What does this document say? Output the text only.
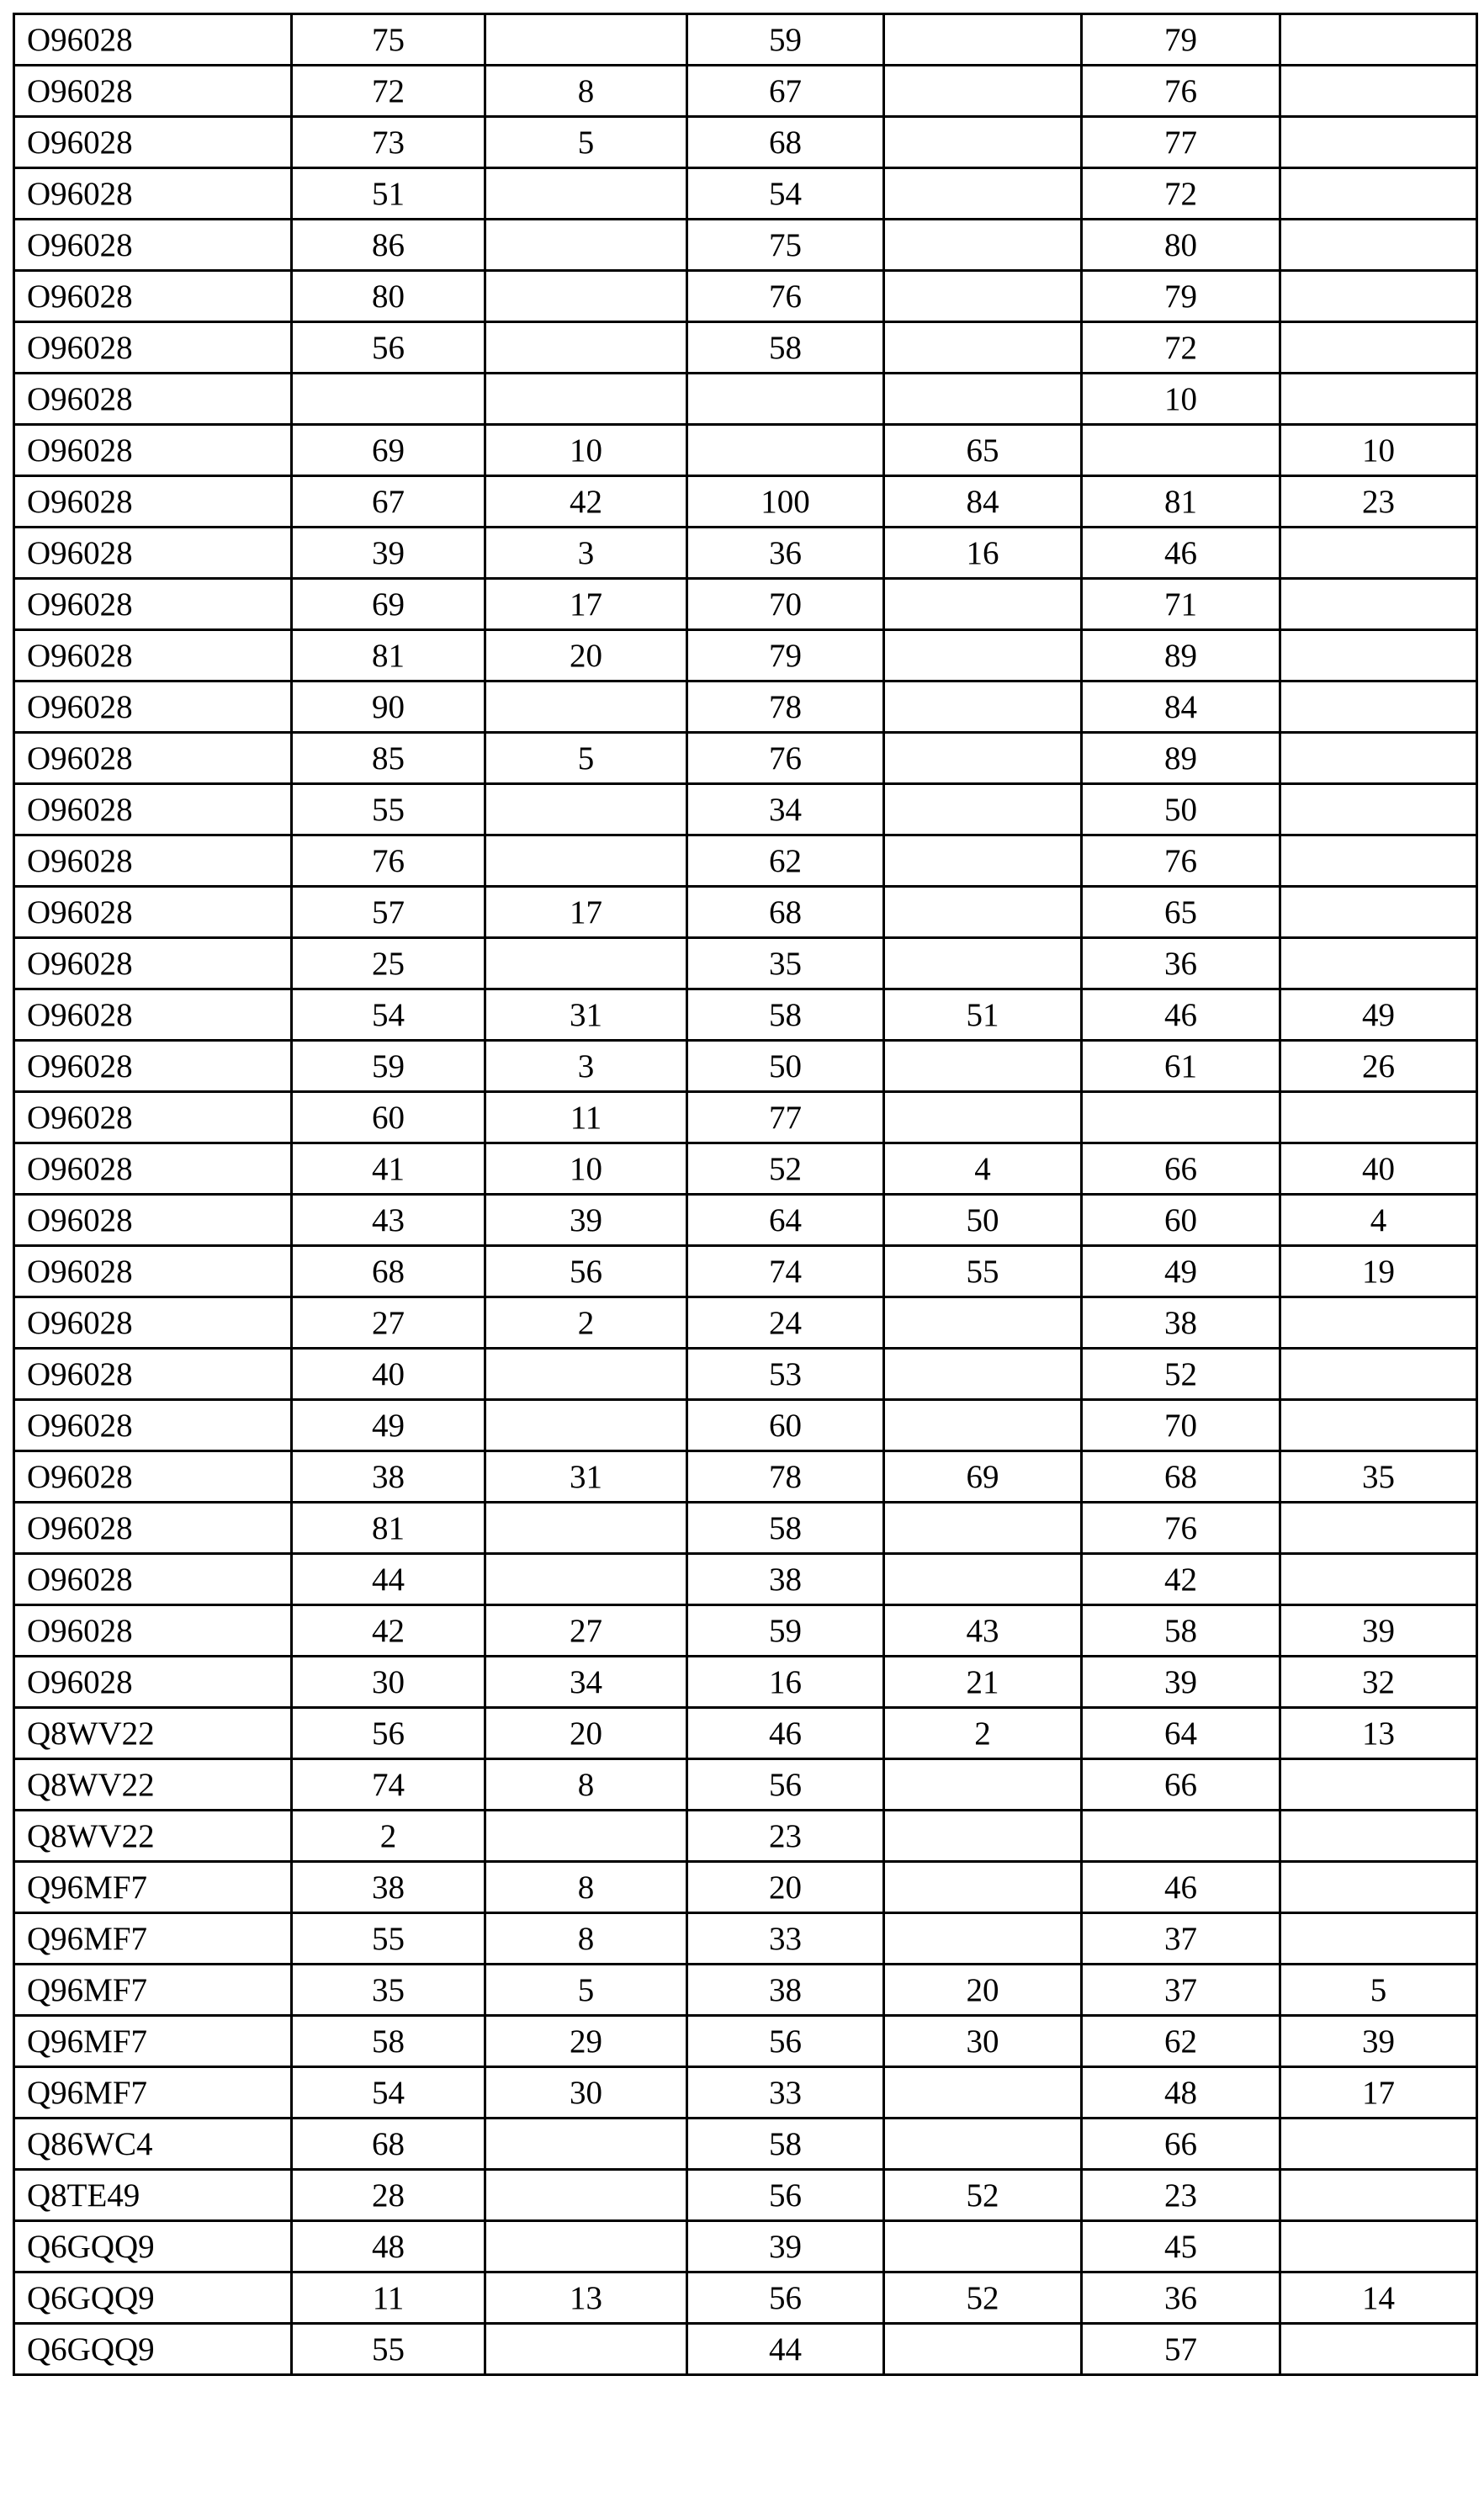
O96028	75		59		79	
O96028	72	8	67		76	
O96028	73	5	68		77	
O96028	51		54		72	
O96028	86		75		80	
O96028	80		76		79	
O96028	56		58		72	
O96028					10	
O96028	69	10		65		10
O96028	67	42	100	84	81	23
O96028	39	3	36	16	46	
O96028	69	17	70		71	
O96028	81	20	79		89	
O96028	90		78		84	
O96028	85	5	76		89	
O96028	55		34		50	
O96028	76		62		76	
O96028	57	17	68		65	
O96028	25		35		36	
O96028	54	31	58	51	46	49
O96028	59	3	50		61	26
O96028	60	11	77			
O96028	41	10	52	4	66	40
O96028	43	39	64	50	60	4
O96028	68	56	74	55	49	19
O96028	27	2	24		38	
O96028	40		53		52	
O96028	49		60		70	
O96028	38	31	78	69	68	35
O96028	81		58		76	
O96028	44		38		42	
O96028	42	27	59	43	58	39
O96028	30	34	16	21	39	32
Q8WV22	56	20	46	2	64	13
Q8WV22	74	8	56		66	
Q8WV22	2		23			
Q96MF7	38	8	20		46	
Q96MF7	55	8	33		37	
Q96MF7	35	5	38	20	37	5
Q96MF7	58	29	56	30	62	39
Q96MF7	54	30	33		48	17
Q86WC4	68		58		66	
Q8TE49	28		56	52	23	
Q6GQQ9	48		39		45	
Q6GQQ9	11	13	56	52	36	14
Q6GQQ9	55		44		57	
